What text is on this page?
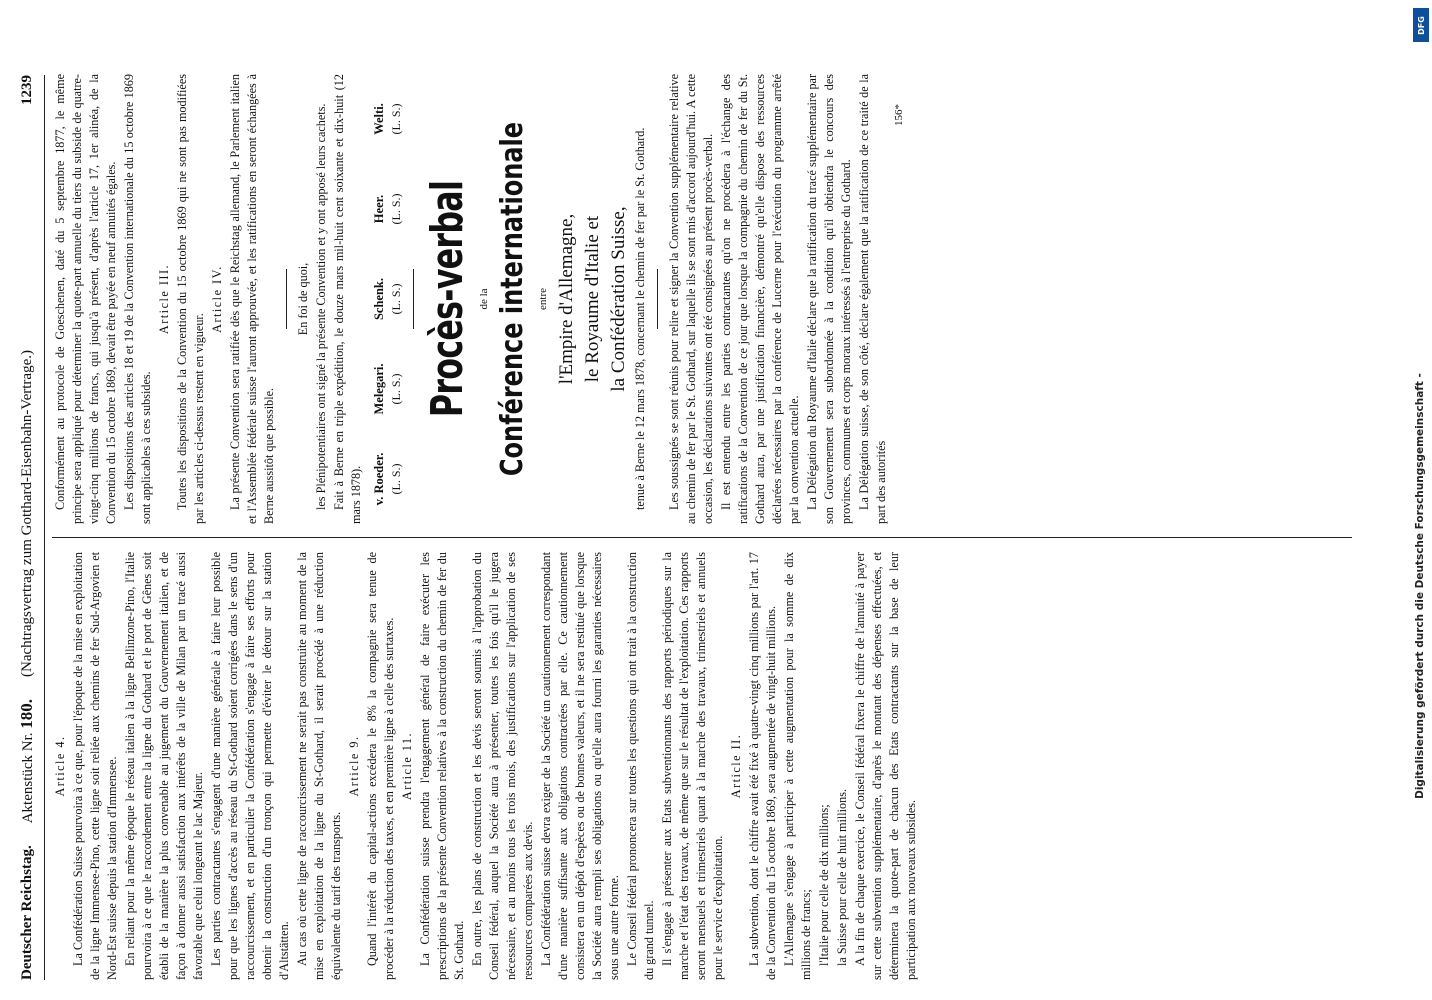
Deutscher Reichstag.
Aktenstück Nr. 180.
(Nachtragsvertrag zum Gotthard-Eisenbahn-Vertrage.)
1239

Article 4. La Confédération Suisse pourvoira à ce que, pour l'époque de la mise en exploitation de la ligne Immensee-Pino, cette ligne soit reliée aux chemins de fer Sud-Argovien et Nord-Est suisse depuis la station d'Immensee. En reliant pour la même époque le réseau italien à la ligne Bellinzone-Pino, l'Italie pourvoira à ce que le raccordement entre la ligne du Gothard et le port de Gênes soit établi de la manière la plus convenable au jugement du Gouvernement italien, et de façon à donner aussi satisfaction aux intérêts de la ville de Milan par un tracé aussi favorable que celui longeant le lac Majeur. Les parties contractantes s'engagent d'une manière générale à faire leur possible pour que les lignes d'accès au réseau du St-Gothard soient corrigées dans le sens d'un raccourcissement, et en particulier la Confédération s'engage à faire ses efforts pour obtenir la construction d'un tronçon qui permette d'éviter le détour sur la station d'Altstätten. Au cas où cette ligne de raccourcissement ne serait pas construite au moment de la mise en exploitation de la ligne du St-Gothard, il serait procédé à une réduction équivalente du tarif des transports.

Article 9. Quand l'intérêt du capital-actions excédera le 8% la compagnie sera tenue de procéder à la réduction des taxes, et en première ligne à celle des surtaxes. Article 11. La Confédération suisse prendra l'engagement général de faire exécuter les prescriptions de la présente Convention relatives à la construction du chemin de fer du St. Gothard. En outre, les plans de construction et les devis seront soumis à l'approbation du Conseil fédéral, auquel la Société aura à présenter, toutes les fois qu'il le jugera nécessaire, et au moins tous les trois mois, des justifications sur l'application de ses ressources comparées aux devis. La Confédération suisse devra exiger de la Société un cautionnement correspondant d'une manière suffisante aux obligations contractées par elle. Ce cautionnement consistera en un dépôt d'espèces ou de bonnes valeurs, et il ne sera restitué que lorsque la Société aura rempli ses obligations ou qu'elle aura fourni les garanties nécessaires sous une autre forme. Le Conseil fédéral prononcera sur toutes les questions qui ont trait à la construction du grand tunnel. Il s'engage à présenter aux Etats subventionnants des rapports périodiques sur la marche et l'état des travaux, de même que sur le résultat de l'exploitation. Ces rapports seront mensuels et trimestriels quant à la marche des travaux, trimestriels et annuels pour le service d'exploitation.

Article II. La subvention, dont le chiffre avait été fixé à quatre-vingt cinq millions par l'art. 17 de la Convention du 15 octobre 1869, sera augmentée de vingt-huit millions. L'Allemagne s'engage à participer à cette augmentation pour la somme de dix millions de francs; l'Italie pour celle de dix millions; la Suisse pour celle de huit millions. A la fin de chaque exercice, le Conseil fédéral fixera le chiffre de l'annuité à payer sur cette subvention supplémentaire, d'après le montant des dépenses effectuées, et déterminera la quote-part de chacun des Etats contractants sur la base de leur participation aux nouveaux subsides.

Conformément au protocole de Goeschenen, daté du 5 septembre 1877, le même principe sera appliqué pour déterminer la quote-part annuelle du tiers du subside de quatre-vingt-cinq millions de francs, qui jusqu'à présent, d'après l'article 17, 1er alinéa, de la Convention du 15 octobre 1869, devait être payée en neuf annuités égales. Les dispositions des articles 18 et 19 de la Convention internationale du 15 octobre 1869 sont applicables à ces subsides.

Article III. Toutes les dispositions de la Convention du 15 octobre 1869 qui ne sont pas modifiées par les articles ci-dessus restent en vigueur.

Article IV. La présente Convention sera ratifiée dès que le Reichstag allemand, le Parlement italien et l'Assemblée fédérale suisse l'auront approuvée, et les ratifications en seront échangées à Berne aussitôt que possible.

En foi de quoi, les Plénipotentiaires ont signé la présente Convention et y ont apposé leurs cachets. Fait à Berne en triple expédition, le douze mars mil-huit cent soixante et dix-huit (12 mars 1878). v. Roeder. (L. S.)
Melegari. (L. S.)
Schenk. (L. S.)
Heer. (L. S.)
Welti. (L. S.)
Procès-verbal de la Conférence internationale entre l'Empire d'Allemagne, le Royaume d'Italie et la Confédération Suisse, tenue à Berne le 12 mars 1878, concernant le chemin de fer par le St. Gothard. Les soussignés se sont réunis pour relire et signer la Convention supplémentaire relative au chemin de fer par le St. Gothard, sur laquelle ils se sont mis d'accord aujourd'hui. A cette occasion, les déclarations suivantes ont été consignées au présent procès-verbal. Il est entendu entre les parties contractantes qu'on ne procédera à l'échange des ratifications de la Convention de ce jour que lorsque la compagnie du chemin de fer du St. Gothard aura, par une justification financière, démontré qu'elle dispose des ressources déclarées nécessaires par la conférence de Lucerne pour l'exécution du programme arrêté par la convention actuelle. La Délégation du Royaume d'Italie déclare que la ratification du tracé supplémentaire par son Gouvernement sera subordonnée à la condition qu'il obtiendra le concours des provinces, communes et corps moraux intéressés à l'entreprise du Gothard. La Délégation suisse, de son côté, déclare également que la ratification de ce traité de la part des autorités

156*
DFG
Digitalisierung gefördert durch die Deutsche Forschungsgemeinschaft -
